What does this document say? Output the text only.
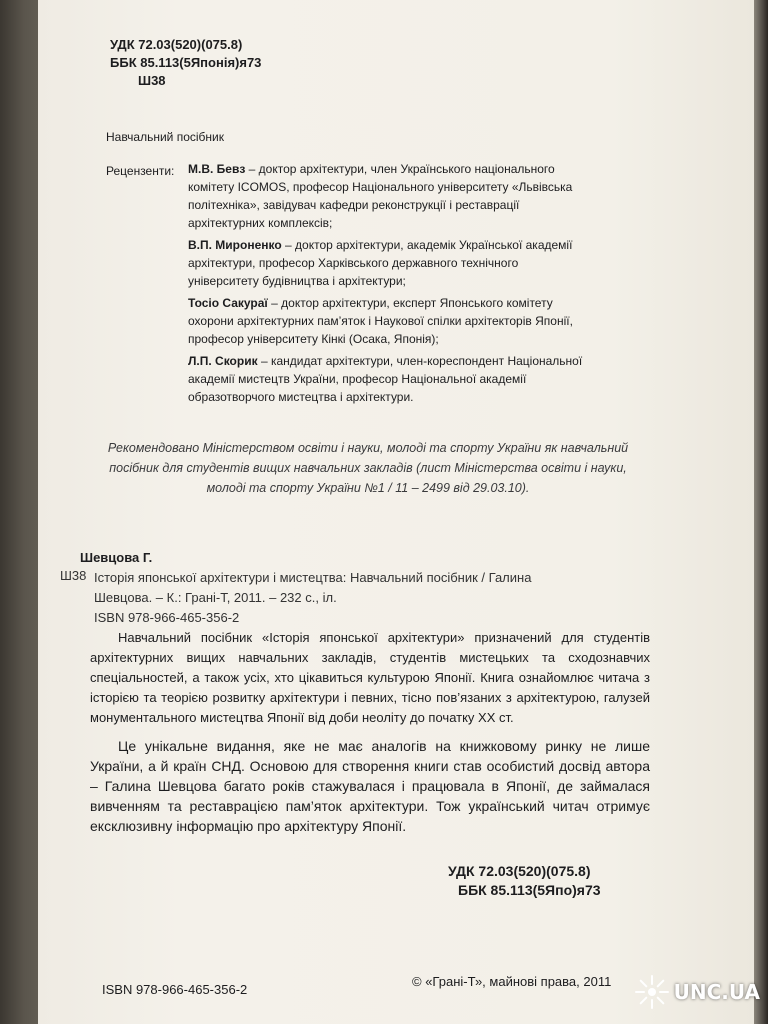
УДК 72.03(520)(075.8)
ББК 85.113(5Японія)я73
Ш38
Навчальний посібник
Рецензенти: М.В. Бевз – доктор архітектури, член Українського національного комітету ICOMOS, професор Національного університету «Львівська політехніка», завідувач кафедри реконструкції і реставрації архітектурних комплексів;

В.П. Мироненко – доктор архітектури, академік Української академії архітектури, професор Харківського державного технічного університету будівництва і архітектури;

Тосіо Сакураї – доктор архітектури, експерт Японського комітету охорони архітектурних пам’яток і Наукової спілки архітекторів Японії, професор університету Кінкі (Осака, Японія);

Л.П. Скорик – кандидат архітектури, член-кореспондент Національної академії мистецтв України, професор Національної академії образотворчого мистецтва і архітектури.

Рекомендовано Міністерством освіти і науки, молоді та спорту України як навчальний посібник для студентів вищих навчальних закладів (лист Міністерства освіти і науки, молоді та спорту України №1 / 11 – 2499 від 29.03.10).
Шевцова Г.
Ш38 Історія японської архітектури і мистецтва: Навчальний посібник / Галина
Шевцова. – К.: Грані-Т, 2011. – 232 с., іл.
ISBN 978-966-465-356-2

Навчальний посібник «Історія японської архітектури» призначений для студентів архітектурних вищих навчальних закладів, студентів мистецьких та сходознавчих спеціальностей, а також усіх, хто цікавиться культурою Японії. Книга ознайомлює читача з історією та теорією розвитку архітектури і певних, тісно пов’язаних з архітектурою, галузей монументального мистецтва Японії від доби неоліту до початку XX ст.

Це унікальне видання, яке не має аналогів на книжковому ринку не лише України, а й країн СНД. Основою для створення книги став особистий досвід автора – Галина Шевцова багато років стажувалася і працювала в Японії, де займалася вивченням та реставрацією пам’яток архітектури. Тож український читач отримує ексклюзивну інформацію про архітектуру Японії.

УДК 72.03(520)(075.8)
ББК 85.113(5Япо)я73
ISBN 978-966-465-356-2
© «Грані-Т», майнові права, 2011	UNC.UA
